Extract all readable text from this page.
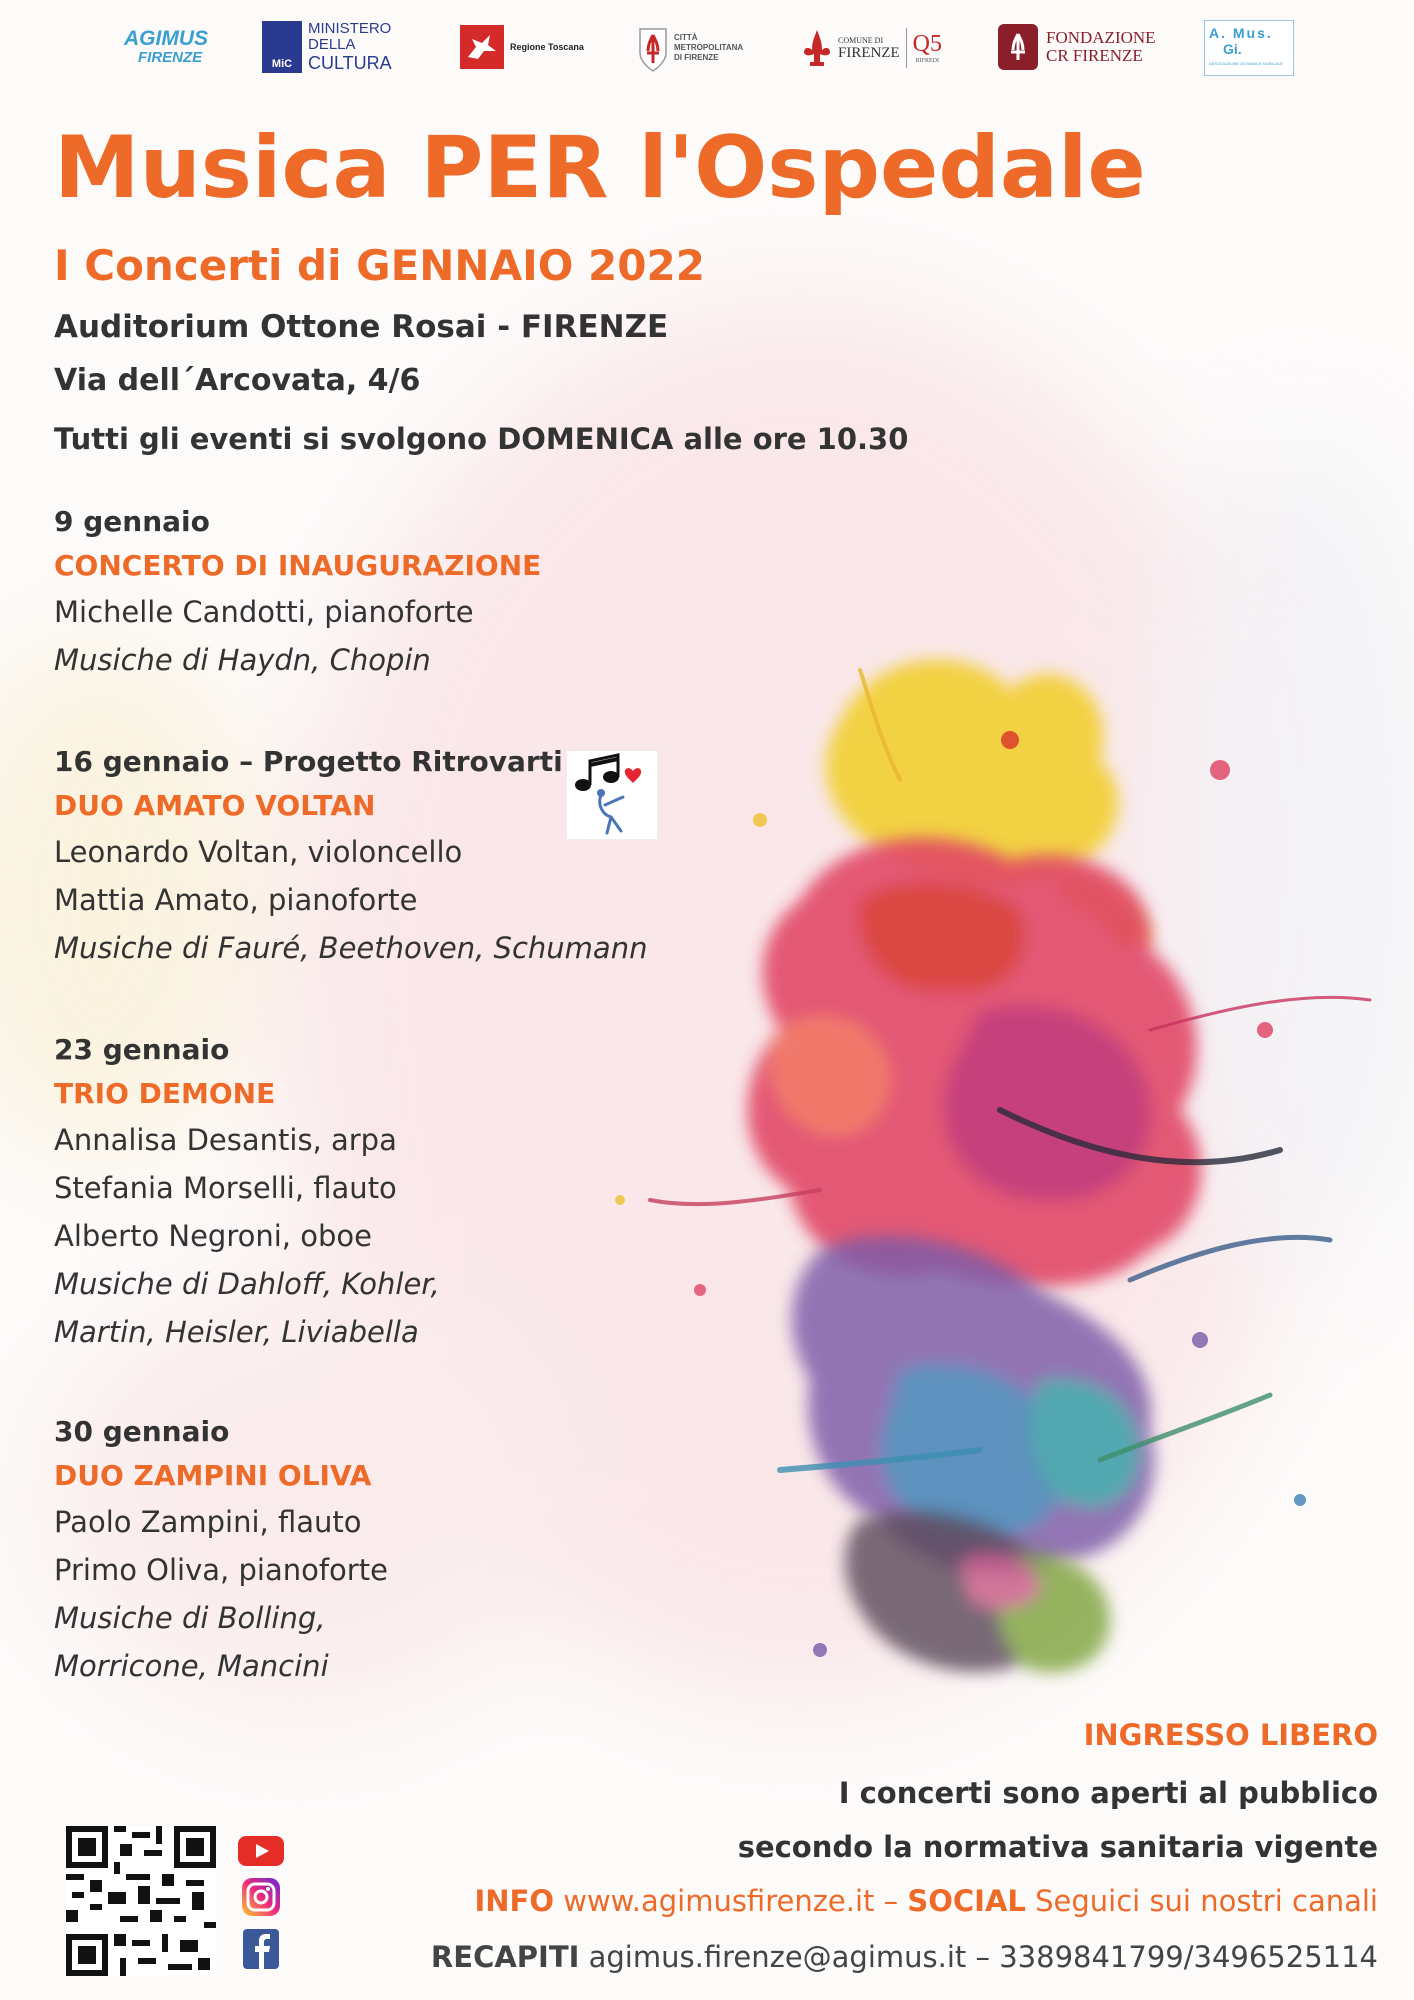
AGIMUS
FIRENZE	MiC
MINISTERO
DELLA
CULTURA
Regione Toscana
CITTÀ
METROPOLITANA
DI FIRENZE
COMUNE DI
FIRENZE Q5
RIFREDI
FONDAZIONE
CR FIRENZE
A. Mus.
Gi.
ASSOCIAZIONE GIOVANILE MUSICALE
Musica PER l'Ospedale
I Concerti di GENNAIO 2022
Auditorium Ottone Rosai - FIRENZE
Via dell´Arcovata, 4/6
Tutti gli eventi si svolgono DOMENICA alle ore 10.30
9 gennaio
CONCERTO DI INAUGURAZIONE
Michelle Candotti, pianoforte
Musiche di Haydn, Chopin
16 gennaio – Progetto Ritrovarti
DUO AMATO VOLTAN
Leonardo Voltan, violoncello
Mattia Amato, pianoforte
Musiche di Fauré, Beethoven, Schumann
23 gennaio
TRIO DEMONE
Annalisa Desantis, arpa
Stefania Morselli, flauto
Alberto Negroni, oboe
Musiche di Dahloff, Kohler,
Martin, Heisler, Liviabella
30 gennaio
DUO ZAMPINI OLIVA
Paolo Zampini, flauto
Primo Oliva, pianoforte
Musiche di Bolling,
Morricone, Mancini
INGRESSO LIBERO
I concerti sono aperti al pubblico
secondo la normativa sanitaria vigente
INFO www.agimusfirenze.it – SOCIAL Seguici sui nostri canali
RECAPITI agimus.firenze@agimus.it – 3389841799/3496525114
